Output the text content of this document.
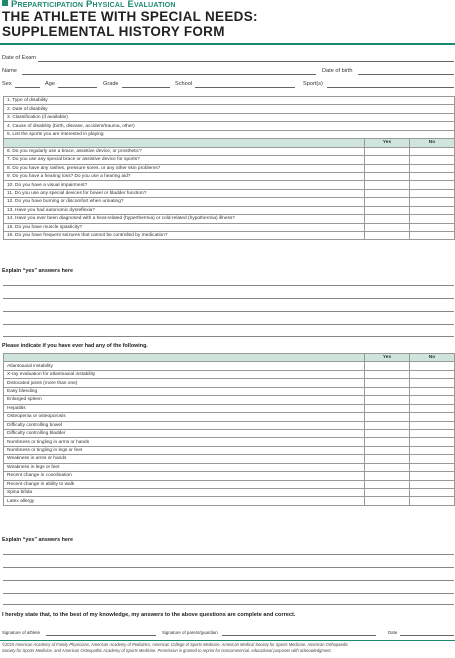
Preparticipation Physical Evaluation
THE ATHLETE WITH SPECIAL NEEDS:
SUPPLEMENTAL HISTORY FORM
Date of Exam
Name	Date of birth
Sex	Age	Grade	School	Sport(s)
1. Type of disability		
2. Date of disability		
3. Classification (if available)		
4. Cause of disability (birth, disease, accident/trauma, other)		
5. List the sports you are interested in playing		
	Yes	No
6. Do you regularly use a brace, assistive device, or prosthetic?		
7. Do you use any special brace or assistive device for sports?		
8. Do you have any rashes, pressure sores, or any other skin problems?		
9. Do you have a hearing loss? Do you use a hearing aid?		
10. Do you have a visual impairment?		
11. Do you use any special devices for bowel or bladder function?		
12. Do you have burning or discomfort when urinating?		
13. Have you had autonomic dysreflexia?		
14. Have you ever been diagnosed with a heat-related (hyperthermia) or cold-related (hypothermia) illness?		
15. Do you have muscle spasticity?		
16. Do you have frequent seizures that cannot be controlled by medication?		
Explain “yes” answers here
Please indicate if you have ever had any of the following.
	Yes	No
Atlantoaxial instability		
X-ray evaluation for atlantoaxial instability		
Dislocated joints (more than one)		
Easy bleeding		
Enlarged spleen		
Hepatitis		
Osteopenia or osteoporosis		
Difficulty controlling bowel		
Difficulty controlling bladder		
Numbness or tingling in arms or hands		
Numbness or tingling in legs or feet		
Weakness in arms or hands		
Weakness in legs or feet		
Recent change in coordination		
Recent change in ability to walk		
Spina bifida		
Latex allergy		
Explain “yes” answers here
I hereby state that, to the best of my knowledge, my answers to the above questions are complete and correct.
Signature of athlete	Signature of parent/guardian	Date
©2010 American Academy of Family Physicians, American Academy of Pediatrics, American College of Sports Medicine, American Medical Society for Sports Medicine, American Orthopaedic
Society for Sports Medicine, and American Osteopathic Academy of Sports Medicine. Permission is granted to reprint for noncommercial, educational purposes with acknowledgment.
